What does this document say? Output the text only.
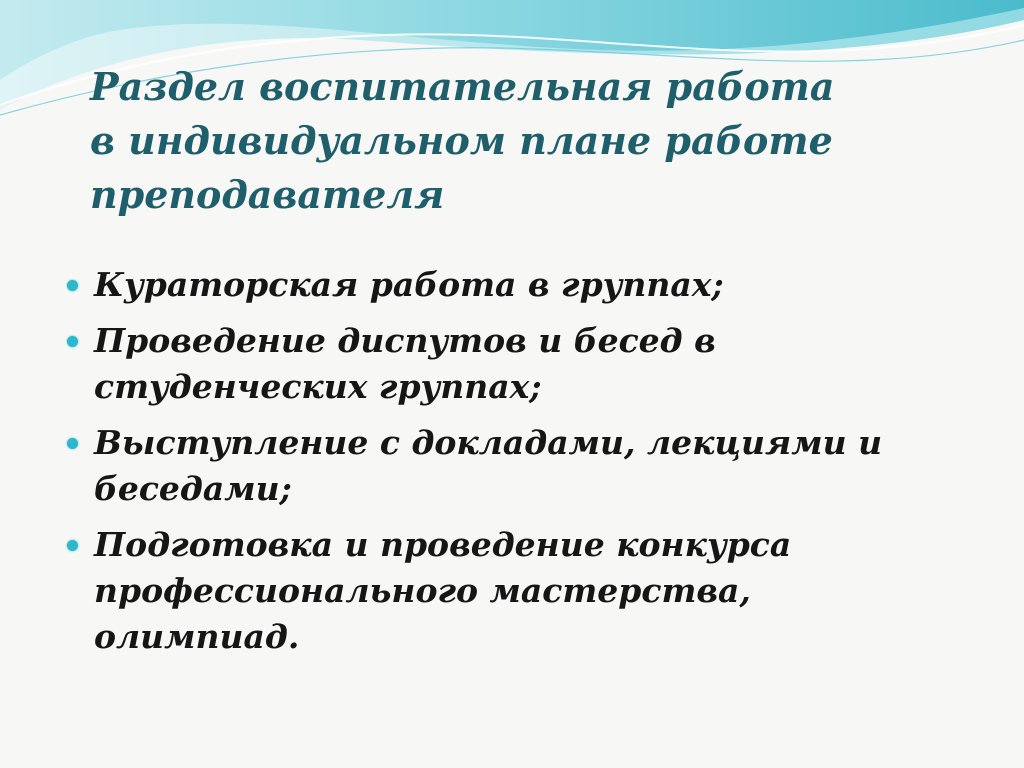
Раздел воспитательная работа
в индивидуальном плане работе
преподавателя
Кураторская работа в группах;
Проведение диспутов и бесед в
студенческих группах;
Выступление с докладами, лекциями и
беседами;
Подготовка и проведение конкурса
профессионального мастерства,
олимпиад.
